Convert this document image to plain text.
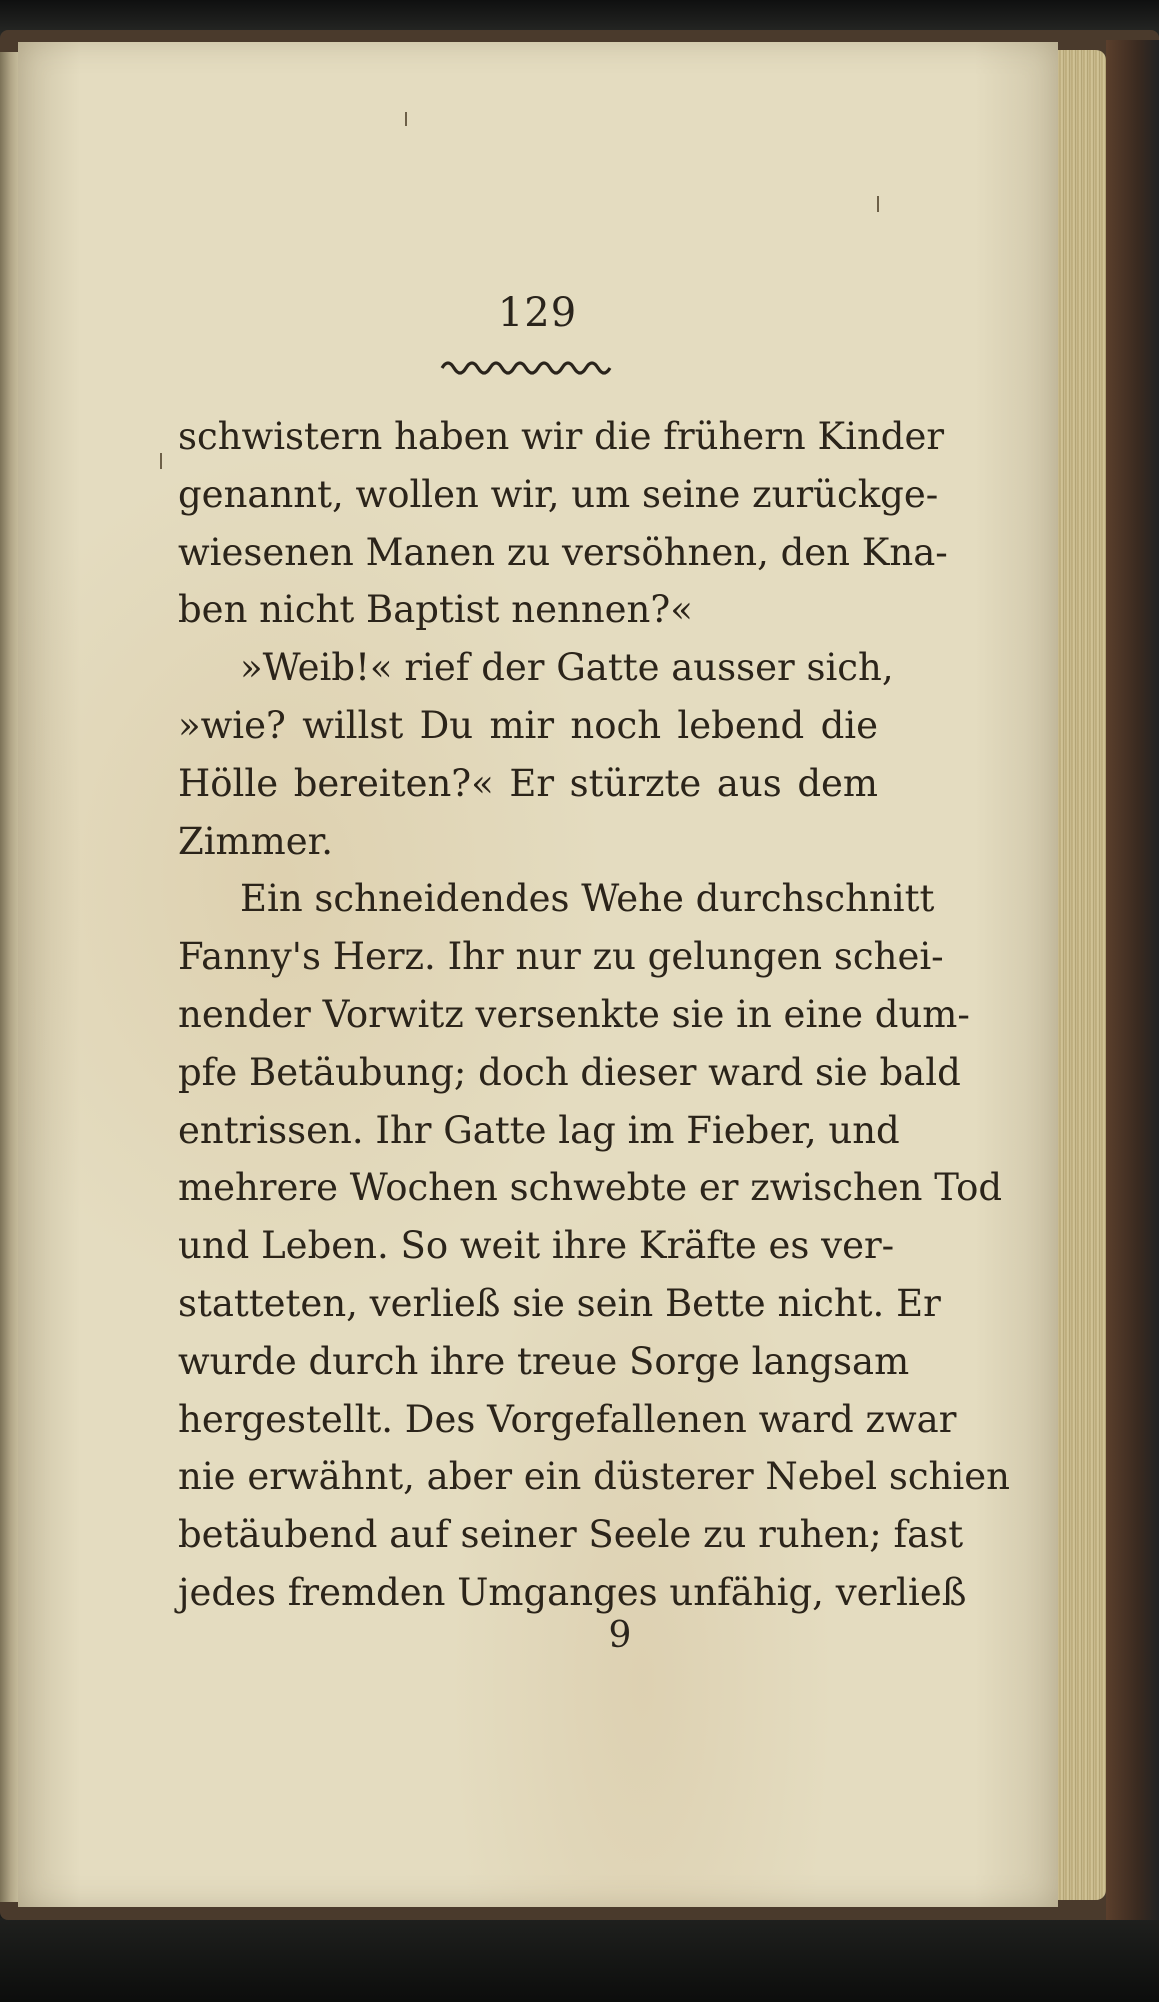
129
schwistern haben wir die frühern Kinder
genannt, wollen wir, um seine zurückge-
wiesenen Manen zu versöhnen, den Kna-
ben nicht Baptist nennen?«
»Weib!« rief der Gatte ausser sich,
»wie? willst Du mir noch lebend die
Hölle bereiten?« Er stürzte aus dem
Zimmer.
Ein schneidendes Wehe durchschnitt
Fanny's Herz. Ihr nur zu gelungen schei-
nender Vorwitz versenkte sie in eine dum-
pfe Betäubung; doch dieser ward sie bald
entrissen. Ihr Gatte lag im Fieber, und
mehrere Wochen schwebte er zwischen Tod
und Leben. So weit ihre Kräfte es ver-
statteten, verließ sie sein Bette nicht. Er
wurde durch ihre treue Sorge langsam
hergestellt. Des Vorgefallenen ward zwar
nie erwähnt, aber ein düsterer Nebel schien
betäubend auf seiner Seele zu ruhen; fast
jedes fremden Umganges unfähig, verließ
9
